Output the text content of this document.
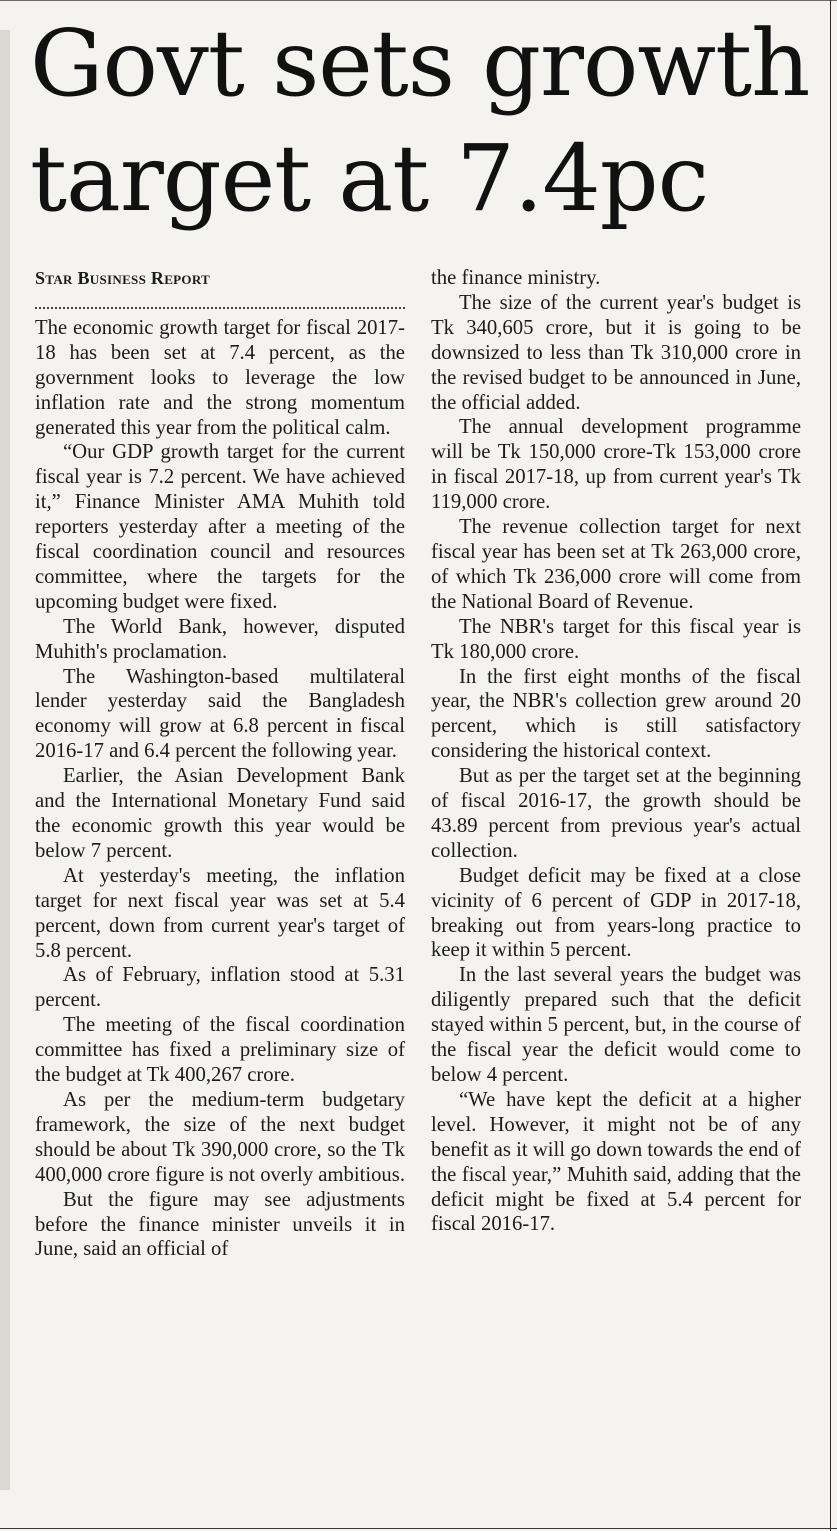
Govt sets growth
target at 7.4pc
Star Business Report

The economic growth target for fiscal 2017-18 has been set at 7.4 percent, as the government looks to leverage the low inflation rate and the strong momentum generated this year from the political calm.

“Our GDP growth target for the current fiscal year is 7.2 percent. We have achieved it,” Finance Minister AMA Muhith told reporters yesterday after a meeting of the fiscal coordination council and resources committee, where the targets for the upcoming budget were fixed.

The World Bank, however, disputed Muhith's proclamation.

The Washington-based multilateral lender yesterday said the Bangladesh economy will grow at 6.8 percent in fiscal 2016-17 and 6.4 percent the following year.

Earlier, the Asian Development Bank and the International Monetary Fund said the economic growth this year would be below 7 percent.

At yesterday's meeting, the inflation target for next fiscal year was set at 5.4 percent, down from current year's target of 5.8 percent.

As of February, inflation stood at 5.31 percent.

The meeting of the fiscal coordination committee has fixed a preliminary size of the budget at Tk 400,267 crore.

As per the medium-term budgetary framework, the size of the next budget should be about Tk 390,000 crore, so the Tk 400,000 crore figure is not overly ambitious.

But the figure may see adjustments before the finance minister unveils it in June, said an official of

the finance ministry.

The size of the current year's budget is Tk 340,605 crore, but it is going to be downsized to less than Tk 310,000 crore in the revised budget to be announced in June, the official added.

The annual development programme will be Tk 150,000 crore-Tk 153,000 crore in fiscal 2017-18, up from current year's Tk 119,000 crore.

The revenue collection target for next fiscal year has been set at Tk 263,000 crore, of which Tk 236,000 crore will come from the National Board of Revenue.

The NBR's target for this fiscal year is Tk 180,000 crore.

In the first eight months of the fiscal year, the NBR's collection grew around 20 percent, which is still satisfactory considering the historical context.

But as per the target set at the beginning of fiscal 2016-17, the growth should be 43.89 percent from previous year's actual collection.

Budget deficit may be fixed at a close vicinity of 6 percent of GDP in 2017-18, breaking out from years-long practice to keep it within 5 percent.

In the last several years the budget was diligently prepared such that the deficit stayed within 5 percent, but, in the course of the fiscal year the deficit would come to below 4 percent.

“We have kept the deficit at a higher level. However, it might not be of any benefit as it will go down towards the end of the fiscal year,” Muhith said, adding that the deficit might be fixed at 5.4 percent for fiscal 2016-17.
